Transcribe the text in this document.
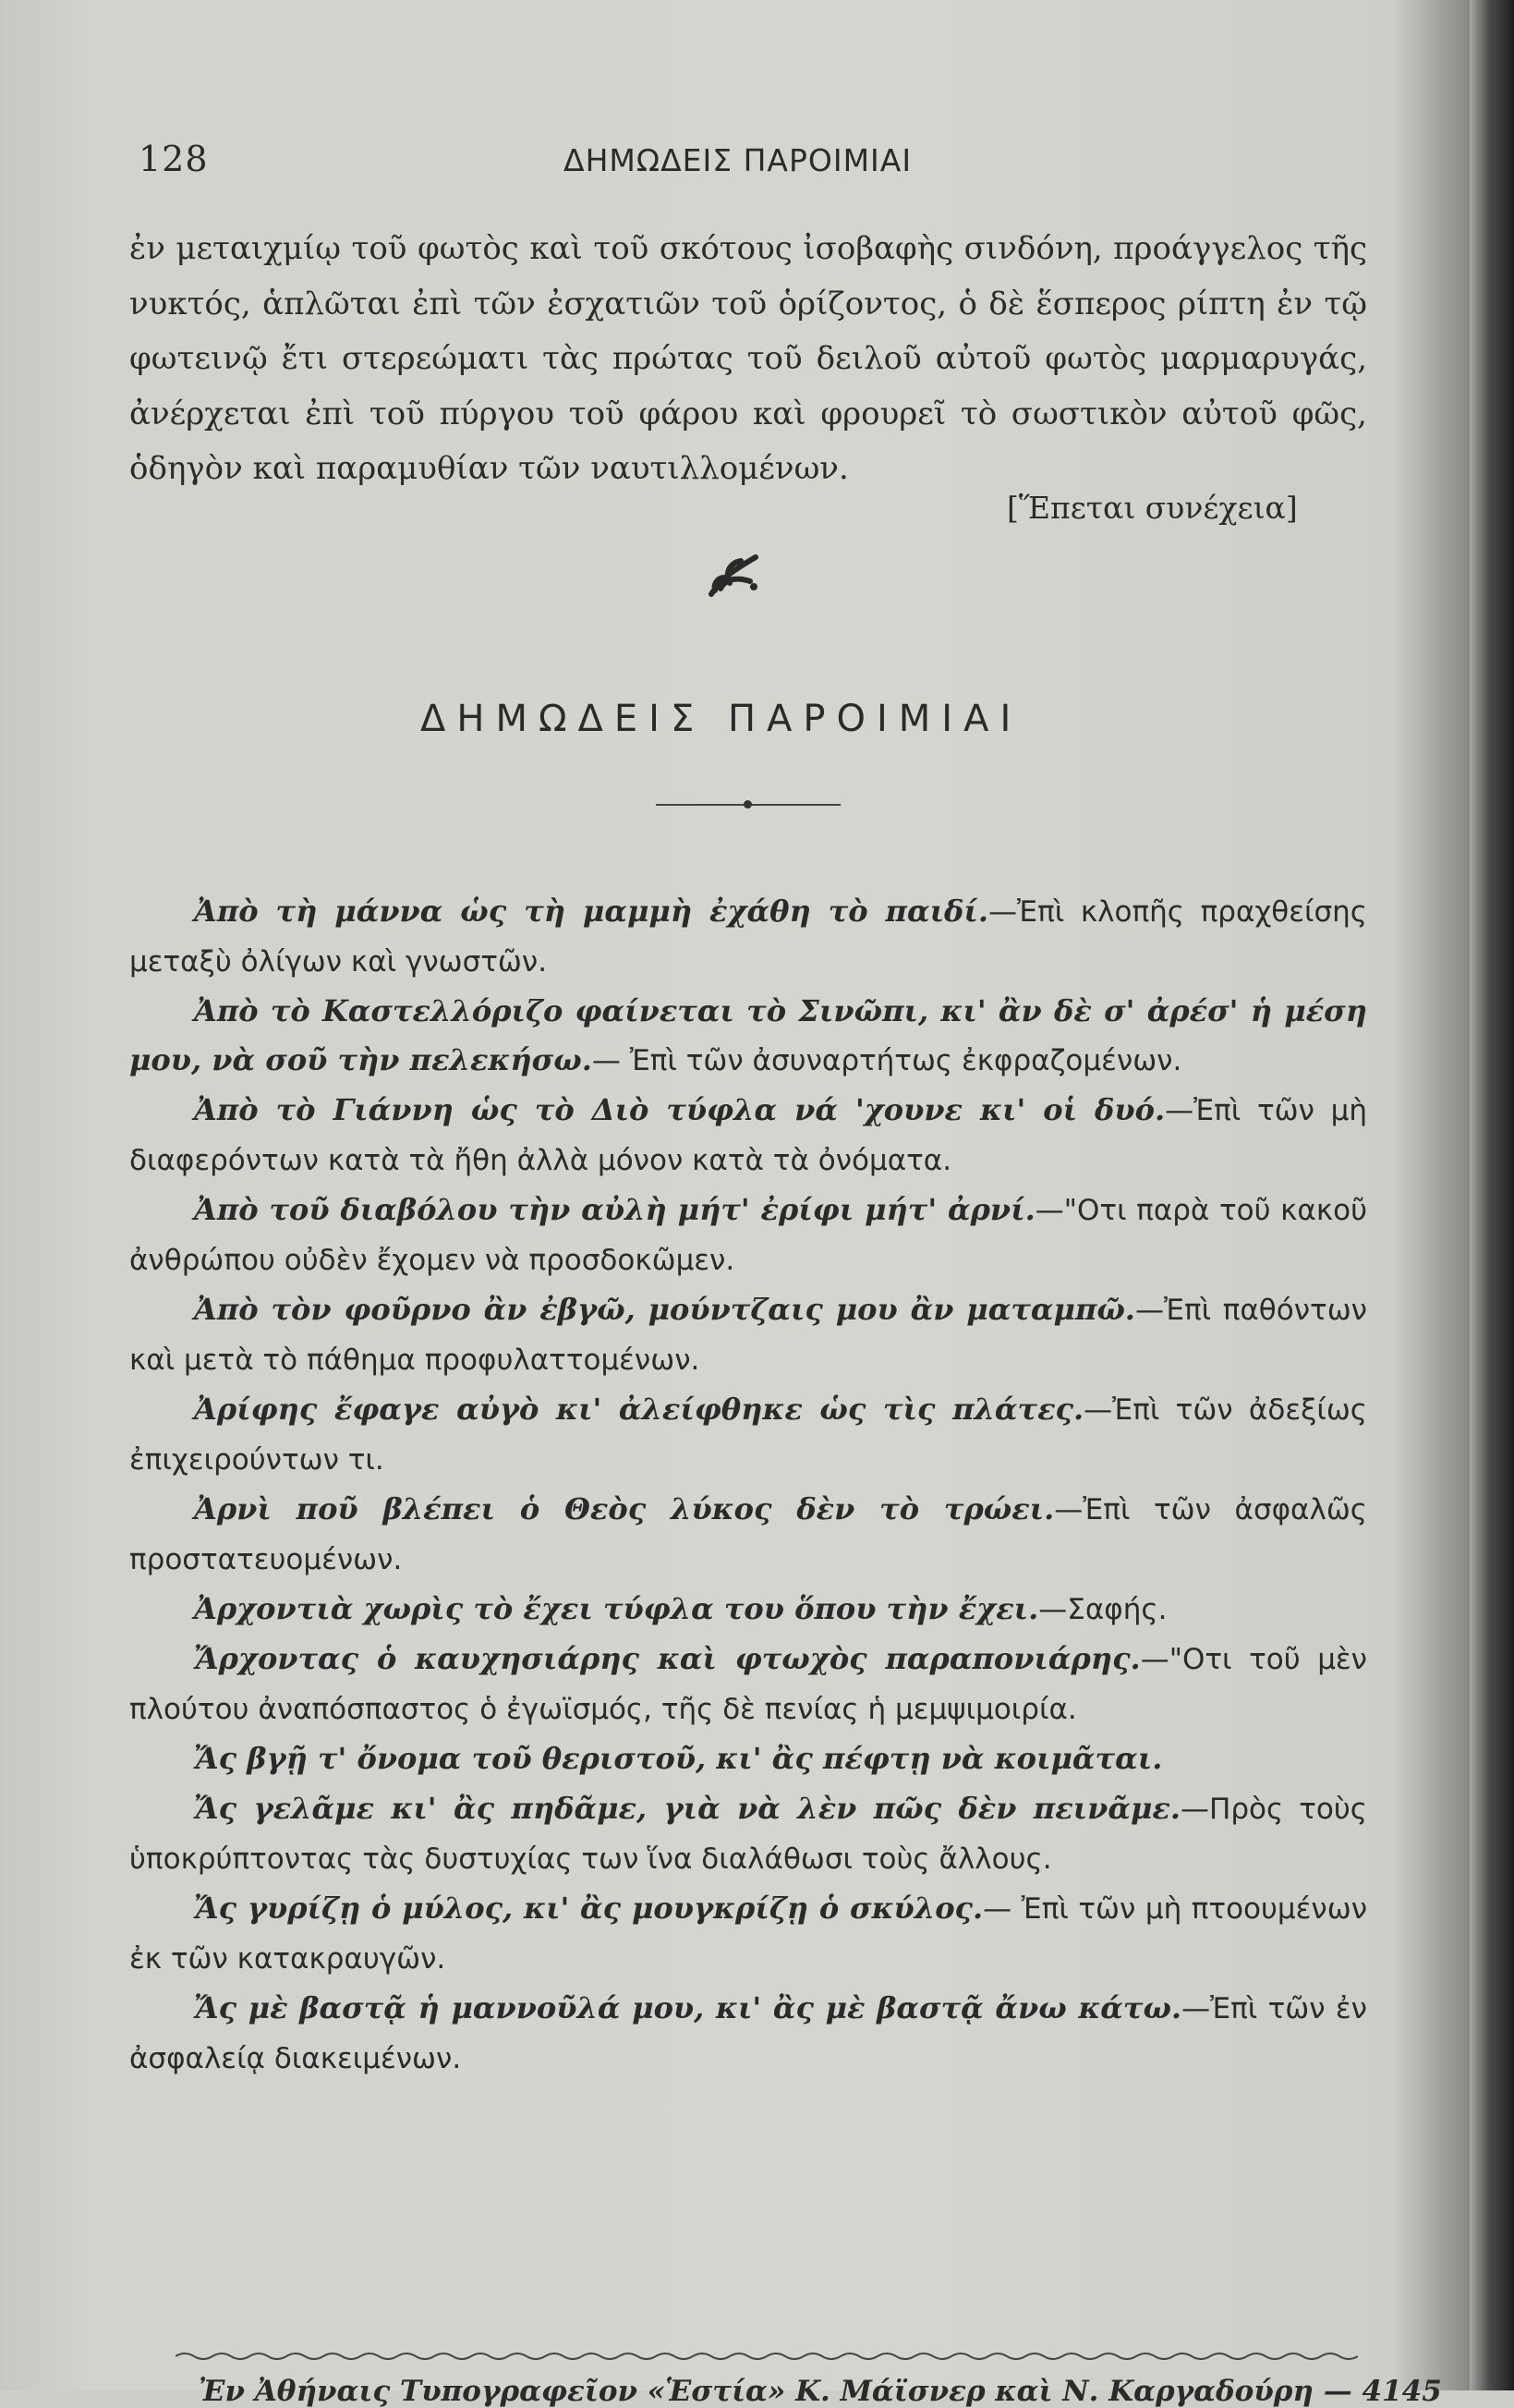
128	ΔΗΜΩΔΕΙΣ ΠΑΡΟΙΜΙΑΙ
ἐν μεταιχμίῳ τοῦ φωτὸς καὶ τοῦ σκότους ἰσοβαφὴς σινδόνη, προάγγελος τῆς νυκτός, ἁπλῶται ἐπὶ τῶν ἐσχατιῶν τοῦ ὁρίζοντος, ὁ δὲ ἕσπερος ρίπτη ἐν τῷ φωτεινῷ ἔτι στερεώματι τὰς πρώτας τοῦ δειλοῦ αὐτοῦ φωτὸς μαρμαρυγάς, ἀνέρχεται ἐπὶ τοῦ πύργου τοῦ φάρου καὶ φρουρεῖ τὸ σωστικὸν αὐτοῦ φῶς, ὁδηγὸν καὶ παραμυθίαν τῶν ναυτιλλομένων.
[Ἕπεται συνέχεια]
ΔΗΜΩΔΕΙΣ ΠΑΡΟΙΜΙΑΙ

Ἀπὸ τὴ μάννα ὡς τὴ μαμμὴ ἐχάθη τὸ παιδί.—Ἐπὶ κλοπῆς πραχθείσης μεταξὺ ὀλίγων καὶ γνωστῶν.

Ἀπὸ τὸ Καστελλόριζο φαίνεται τὸ Σινῶπι, κι' ἂν δὲ σ' ἀρέσ' ἡ μέση μου, νὰ σοῦ τὴν πελεκήσω.— Ἐπὶ τῶν ἀσυναρτήτως ἐκφραζομένων.

Ἀπὸ τὸ Γιάννη ὡς τὸ Διὸ τύφλα νά 'χουνε κι' οἱ δυό.—Ἐπὶ τῶν μὴ διαφερόντων κατὰ τὰ ἤθη ἀλλὰ μόνον κατὰ τὰ ὀνόματα.

Ἀπὸ τοῦ διαβόλου τὴν αὐλὴ μήτ' ἐρίφι μήτ' ἀρνί.—"Οτι παρὰ τοῦ κακοῦ ἀνθρώπου οὐδὲν ἔχομεν νὰ προσδοκῶμεν.

Ἀπὸ τὸν φοῦρνο ἂν ἐβγῶ, μούντζαις μου ἂν ματαμπῶ.—Ἐπὶ παθόντων καὶ μετὰ τὸ πάθημα προφυλαττομένων.

Ἀρίφης ἔφαγε αὐγὸ κι' ἀλείφθηκε ὡς τὶς πλάτες.—Ἐπὶ τῶν ἀδεξίως ἐπιχειρούντων τι.

Ἀρνὶ ποῦ βλέπει ὁ Θεὸς λύκος δὲν τὸ τρώει.—Ἐπὶ τῶν ἀσφαλῶς προστατευομένων.

Ἀρχοντιὰ χωρὶς τὸ ἔχει τύφλα του ὅπου τὴν ἔχει.—Σαφής.

Ἄρχοντας ὁ καυχησιάρης καὶ φτωχὸς παραπονιάρης.—"Οτι τοῦ μὲν πλούτου ἀναπόσπαστος ὁ ἐγωϊσμός, τῆς δὲ πενίας ἡ μεμψιμοιρία.

Ἄς βγῇ τ' ὄνομα τοῦ θεριστοῦ, κι' ἂς πέφτῃ νὰ κοιμᾶται.

Ἄς γελᾶμε κι' ἂς πηδᾶμε, γιὰ νὰ λὲν πῶς δὲν πεινᾶμε.—Πρὸς τοὺς ὑποκρύπτοντας τὰς δυστυχίας των ἵνα διαλάθωσι τοὺς ἄλλους.

Ἄς γυρίζῃ ὁ μύλος, κι' ἂς μουγκρίζῃ ὁ σκύλος.— Ἐπὶ τῶν μὴ πτοουμένων ἐκ τῶν κατακραυγῶν.

Ἄς μὲ βαστᾷ ἡ μαννοῦλά μου, κι' ἂς μὲ βαστᾷ ἄνω κάτω.—Ἐπὶ τῶν ἐν ἀσφαλείᾳ διακειμένων.

Ἐν Ἀθήναις Τυπογραφεῖον «Ἑστία» Κ. Μάϊσνερ καὶ Ν. Καργαδούρη — 4145
